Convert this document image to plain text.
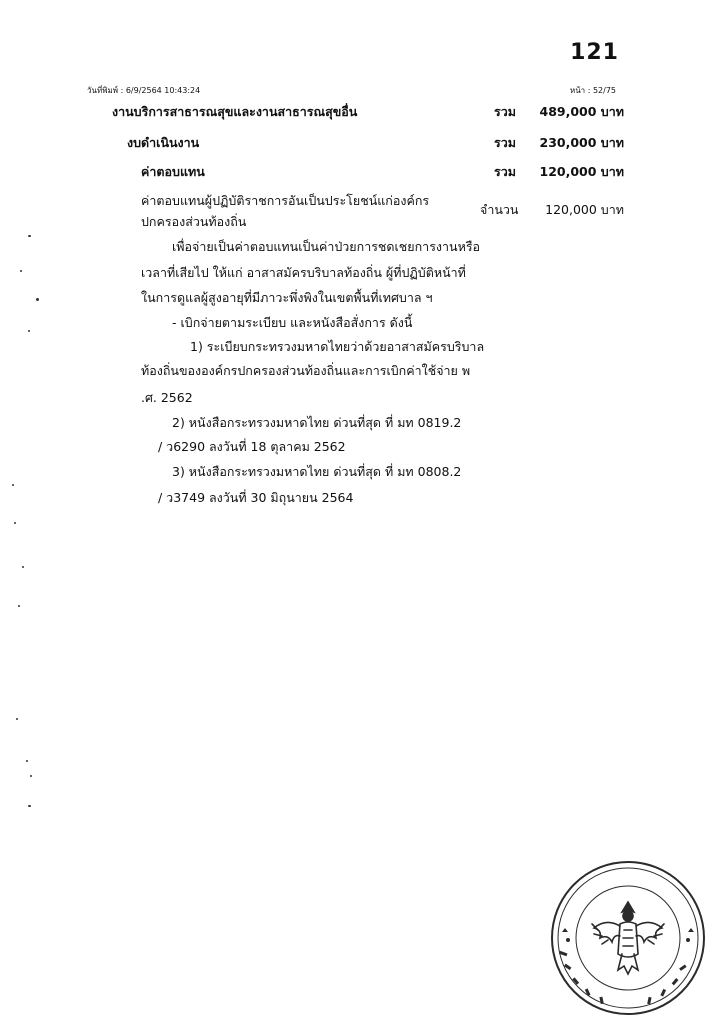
121
วันที่พิมพ์ : 6/9/2564 10:43:24	หน้า : 52/75
งานบริการสาธารณสุขและงานสาธารณสุขอื่น	รวม	489,000 บาท
งบดำเนินงาน	รวม	230,000 บาท
ค่าตอบแทน	รวม	120,000 บาท
ค่าตอบแทนผู้ปฏิบัติราชการอันเป็นประโยชน์แก่องค์กรปกครองส่วนท้องถิ่น
จำนวน	120,000 บาท
เพื่อจ่ายเป็นค่าตอบแทนเป็นค่าป่วยการชดเชยการงานหรือ
เวลาที่เสียไป ให้แก่ อาสาสมัครบริบาลท้องถิ่น ผู้ที่ปฏิบัติหน้าที่
ในการดูแลผู้สูงอายุที่มีภาวะพึ่งพิงในเขตพื้นที่เทศบาล ฯ
- เบิกจ่ายตามระเบียบ และหนังสือสั่งการ ดังนี้
1) ระเบียบกระทรวงมหาดไทยว่าด้วยอาสาสมัครบริบาล
ท้องถิ่นขององค์กรปกครองส่วนท้องถิ่นและการเบิกค่าใช้จ่าย พ
.ศ. 2562
2) หนังสือกระทรวงมหาดไทย ด่วนที่สุด ที่ มท 0819.2
/ ว6290 ลงวันที่ 18 ตุลาคม 2562
3) หนังสือกระทรวงมหาดไทย ด่วนที่สุด ที่ มท 0808.2
/ ว3749 ลงวันที่ 30 มิถุนายน 2564
